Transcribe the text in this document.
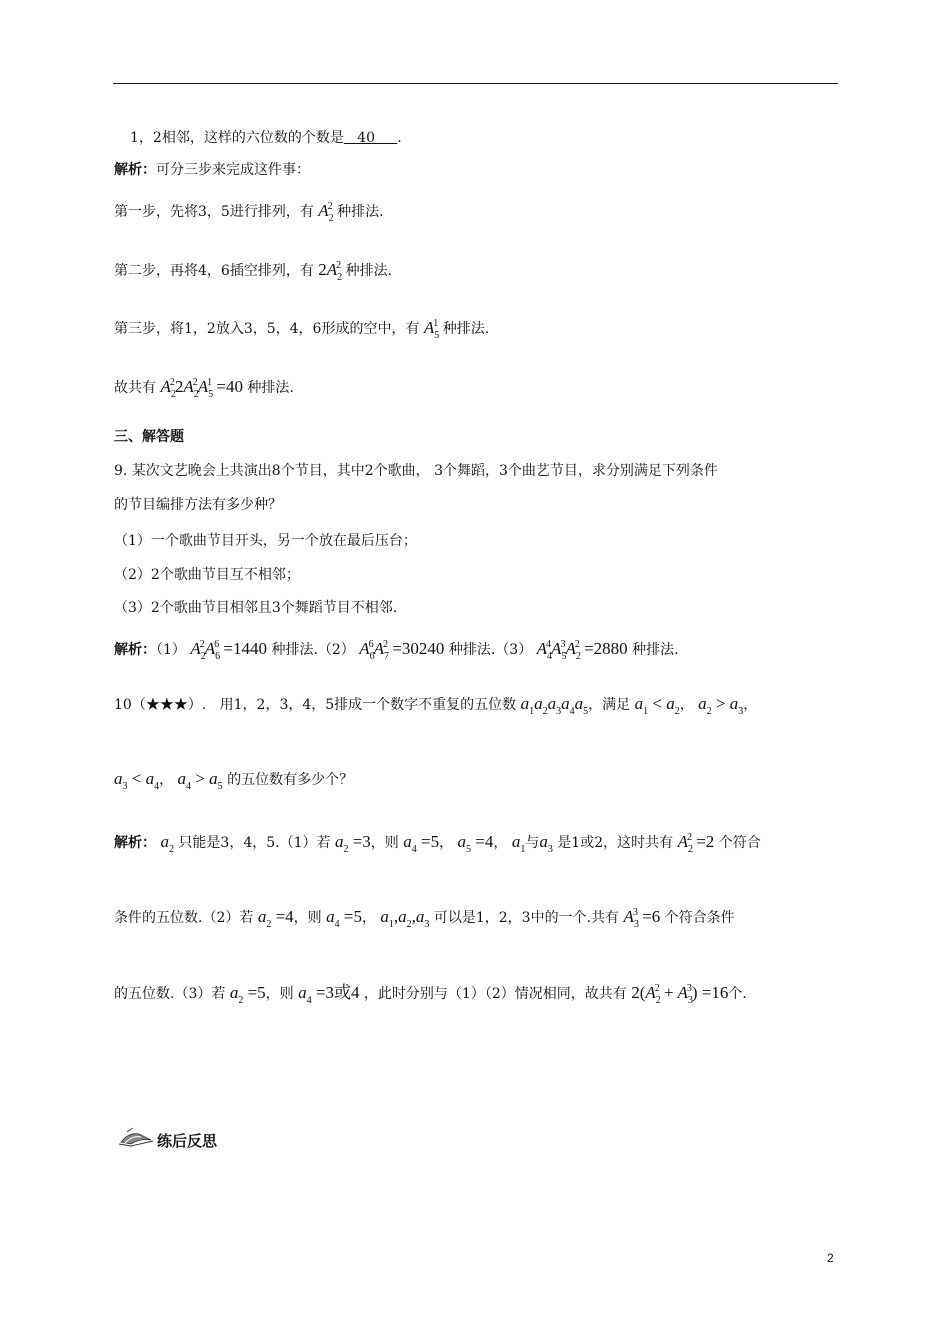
1，2相邻，这样的六位数的个数是   40     .
解析：可分三步来完成这件事：
第一步，先将3，5进行排列，有 $A_2^2$ 种排法.
第二步，再将4，6插空排列，有 $2A_2^2$ 种排法.
第三步，将1，2放入3，5，4，6形成的空中，有 $A_5^1$ 种排法.
故共有 $A_2^22A_2^2A_5^1 =40$ 种排法.
三、解答题
9. 某次文艺晚会上共演出8个节目，其中2个歌曲， 3个舞蹈，3个曲艺节目，求分别满足下列条件
的节目编排方法有多少种？
（1）一个歌曲节目开头，另一个放在最后压台；
（2）2个歌曲节目互不相邻；
（3）2个歌曲节目相邻且3个舞蹈节目不相邻.
解析：（1） $A_2^2A_6^6 =1440$ 种排法.（2） $A_6^6A_7^2 =30240$ 种排法.（3） $A_4^4A_5^3A_2^2 =2880$ 种排法.
10（★★★）. 用1，2，3，4，5排成一个数字不重复的五位数 $a_1a_2a_3a_4a_5$，满足 $a_1 < a_2$， $a_2 > a_3$，
$a_3 < a_4$， $a_4 > a_5$ 的五位数有多少个？
解析： $a_2$ 只能是3，4，5.（1）若 $a_2 =3$，则 $a_4 =5$， $a_5 =4$， $a_1$与$a_3$ 是1或2，这时共有 $A_2^2 =2$ 个符合
条件的五位数.（2）若 $a_2 =4$，则 $a_4 =5$， $a_1,a_2,a_3$ 可以是1，2，3中的一个.共有 $A_3^3 =6$ 个符合条件
的五位数.（3）若 $a_2 =5$，则 $a_4 =3$或4 ，此时分别与（1）（2）情况相同，故共有 $2(A_2^2 + A_3^3) =16$个.
练后反思
2
